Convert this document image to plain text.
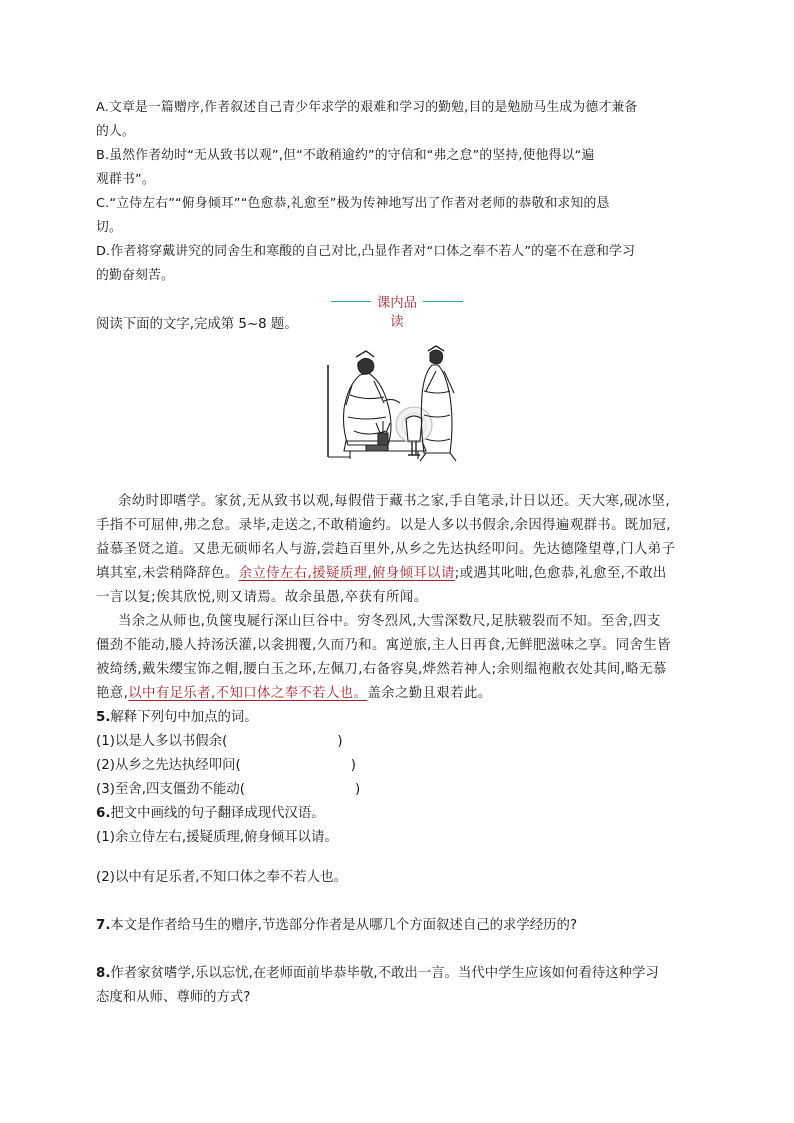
A.文章是一篇赠序,作者叙述自己青少年求学的艰难和学习的勤勉,目的是勉励马生成为德才兼备
的人。
B.虽然作者幼时“无从致书以观”,但“不敢稍逾约”的守信和“弗之怠”的坚持,使他得以“遍
观群书”。
C.“立侍左右”“俯身倾耳”“色愈恭,礼愈至”极为传神地写出了作者对老师的恭敬和求知的恳
切。
D.作者将穿戴讲究的同舍生和寒酸的自己对比,凸显作者对“口体之奉不若人”的毫不在意和学习
的勤奋刻苦。
课内品读
阅读下面的文字,完成第 5~8 题。
余幼时即嗜学。家贫,无从致书以观,每假借于藏书之家,手自笔录,计日以还。天大寒,砚冰坚,
手指不可屈伸,弗之怠。录毕,走送之,不敢稍逾约。以是人多以书假余,余因得遍观群书。既加冠,
益慕圣贤之道。又患无硕师名人与游,尝趋百里外,从乡之先达执经叩问。先达德隆望尊,门人弟子
填其室,未尝稍降辞色。余立侍左右,援疑质理,俯身倾耳以请;或遇其叱咄,色愈恭,礼愈至,不敢出
一言以复;俟其欣悦,则又请焉。故余虽愚,卒获有所闻。
当余之从师也,负箧曳屣行深山巨谷中。穷冬烈风,大雪深数尺,足肤皲裂而不知。至舍,四支
僵劲不能动,媵人持汤沃灌,以衾拥覆,久而乃和。寓逆旅,主人日再食,无鲜肥滋味之享。同舍生皆
被绮绣,戴朱缨宝饰之帽,腰白玉之环,左佩刀,右备容臭,烨然若神人;余则缊袍敝衣处其间,略无慕
艳意,以中有足乐者,不知口体之奉不若人也。盖余之勤且艰若此。
5.解释下列句中加点的词。
(1)以是人多以书假余(	)
(2)从乡之先达执经叩问(	)
(3)至舍,四支僵劲不能动(	)
6.把文中画线的句子翻译成现代汉语。
(1)余立侍左右,援疑质理,俯身倾耳以请。
(2)以中有足乐者,不知口体之奉不若人也。
7.本文是作者给马生的赠序,节选部分作者是从哪几个方面叙述自己的求学经历的?
8.作者家贫嗜学,乐以忘忧,在老师面前毕恭毕敬,不敢出一言。当代中学生应该如何看待这种学习
态度和从师、尊师的方式?
